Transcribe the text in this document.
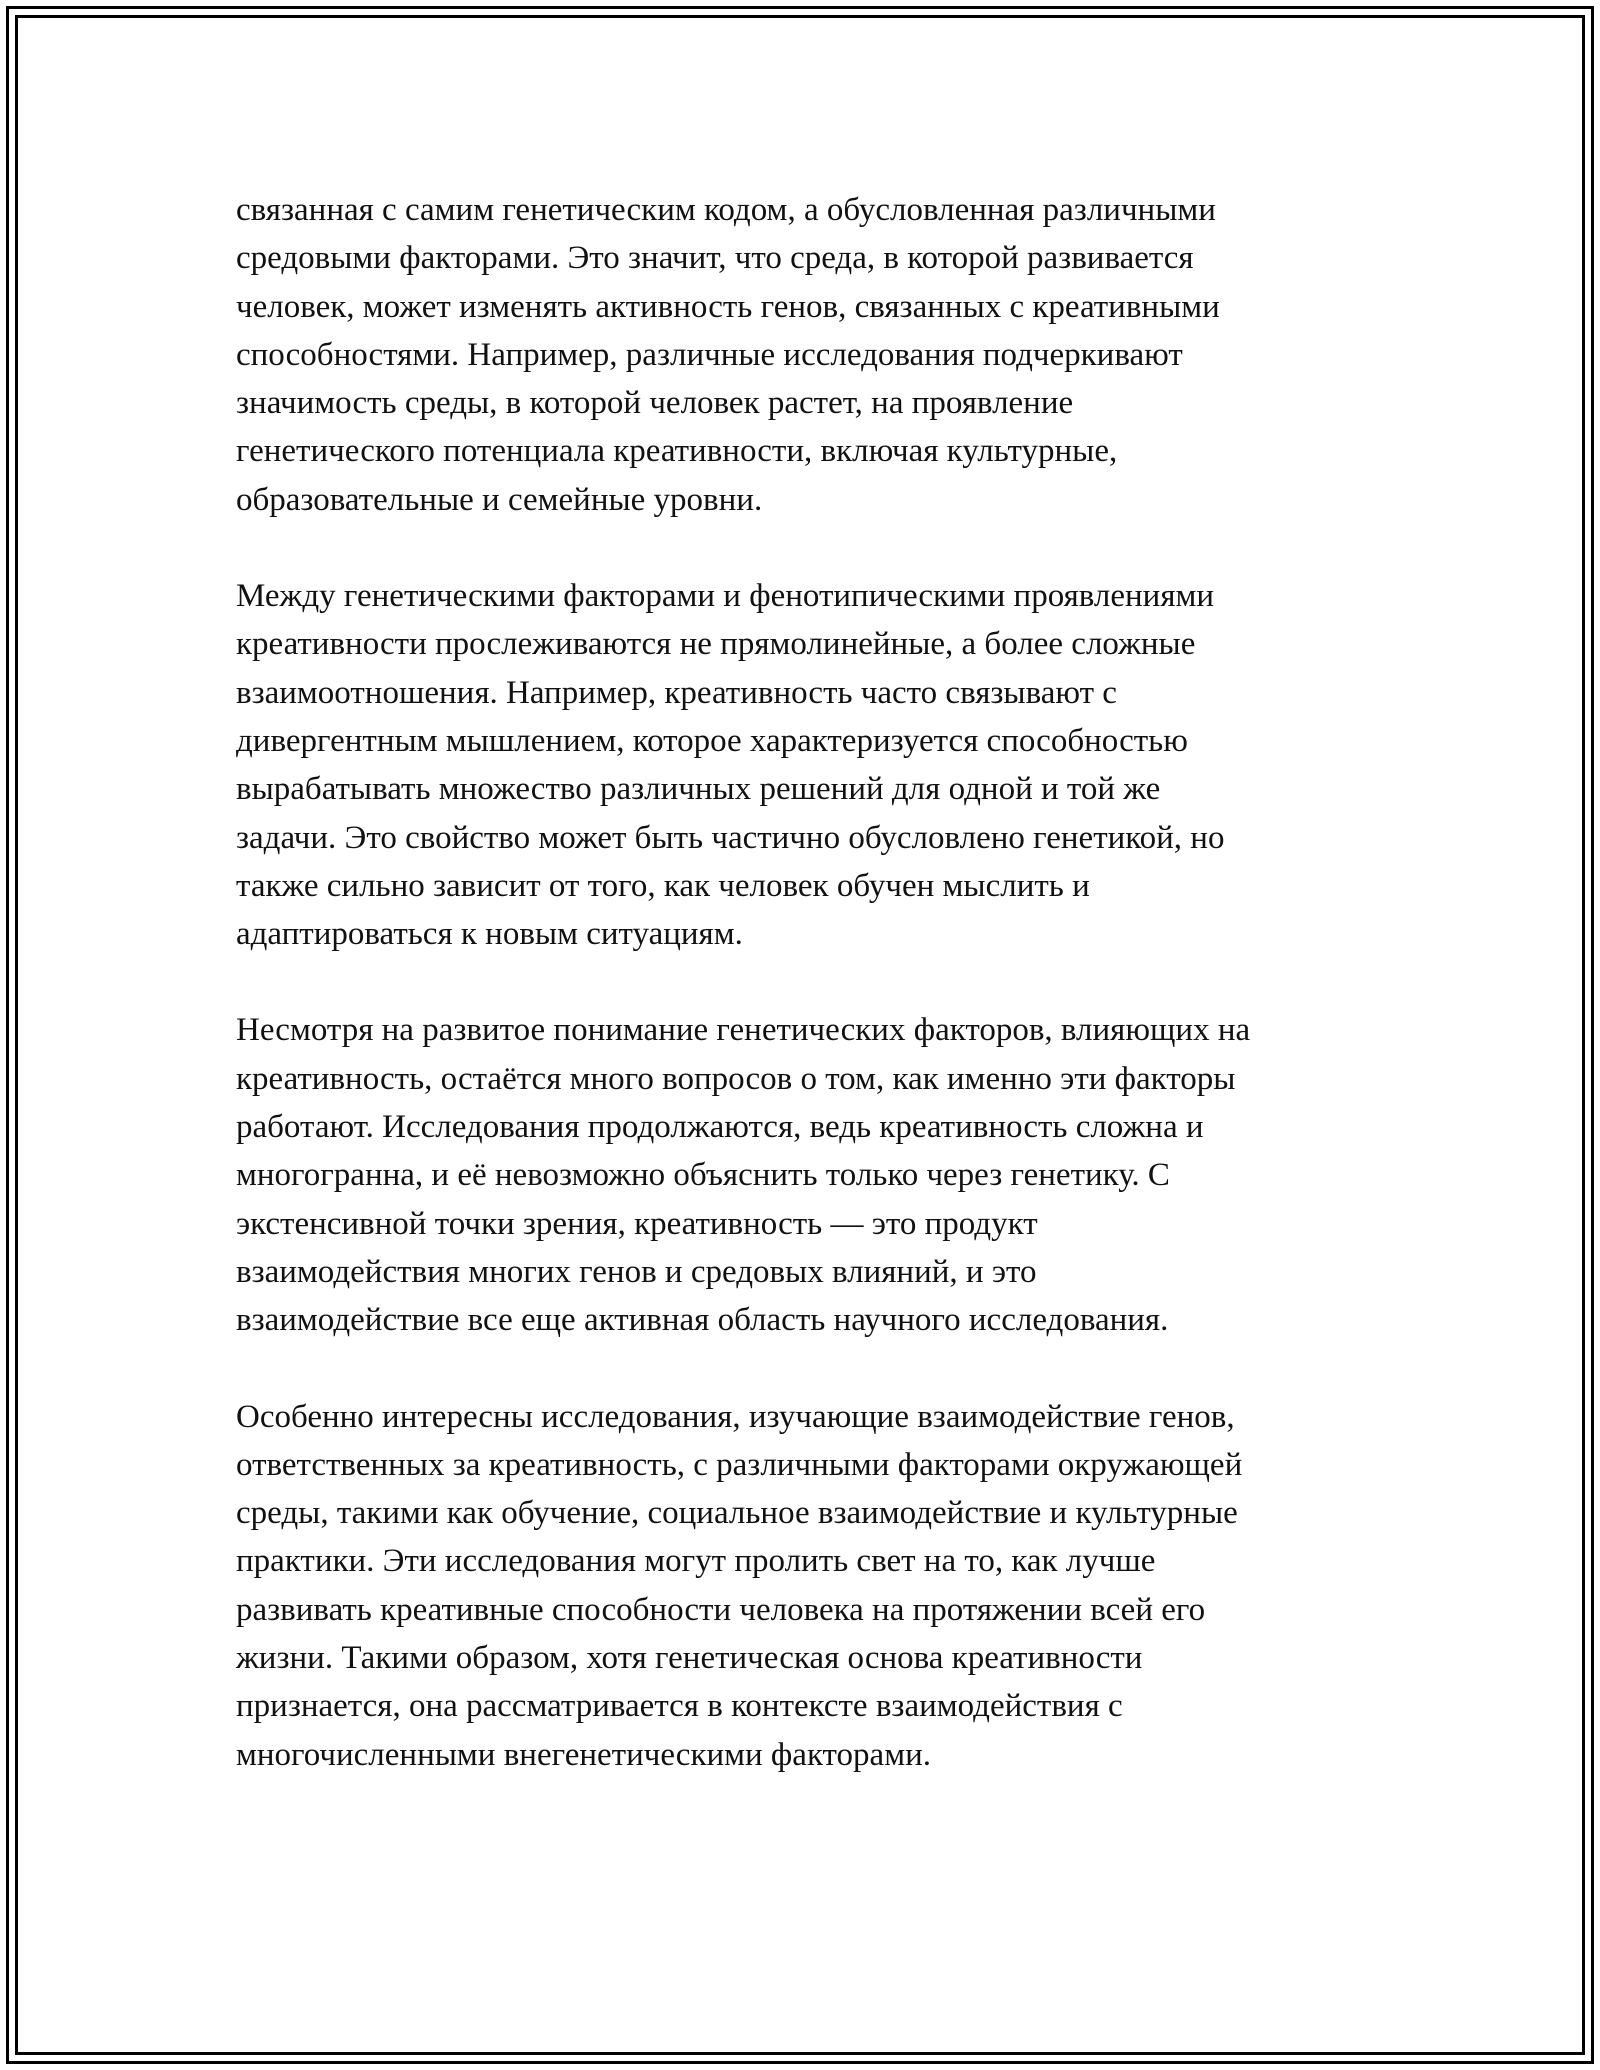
связанная с самим генетическим кодом, а обусловленная различными
средовыми факторами. Это значит, что среда, в которой развивается
человек, может изменять активность генов, связанных с креативными
способностями. Например, различные исследования подчеркивают
значимость среды, в которой человек растет, на проявление
генетического потенциала креативности, включая культурные,
образовательные и семейные уровни.

Между генетическими факторами и фенотипическими проявлениями
креативности прослеживаются не прямолинейные, а более сложные
взаимоотношения. Например, креативность часто связывают с
дивергентным мышлением, которое характеризуется способностью
вырабатывать множество различных решений для одной и той же
задачи. Это свойство может быть частично обусловлено генетикой, но
также сильно зависит от того, как человек обучен мыслить и
адаптироваться к новым ситуациям.

Несмотря на развитое понимание генетических факторов, влияющих на
креативность, остаётся много вопросов о том, как именно эти факторы
работают. Исследования продолжаются, ведь креативность сложна и
многогранна, и её невозможно объяснить только через генетику. С
экстенсивной точки зрения, креативность — это продукт
взаимодействия многих генов и средовых влияний, и это
взаимодействие все еще активная область научного исследования.

Особенно интересны исследования, изучающие взаимодействие генов,
ответственных за креативность, с различными факторами окружающей
среды, такими как обучение, социальное взаимодействие и культурные
практики. Эти исследования могут пролить свет на то, как лучше
развивать креативные способности человека на протяжении всей его
жизни. Такими образом, хотя генетическая основа креативности
признается, она рассматривается в контексте взаимодействия с
многочисленными внегенетическими факторами.
